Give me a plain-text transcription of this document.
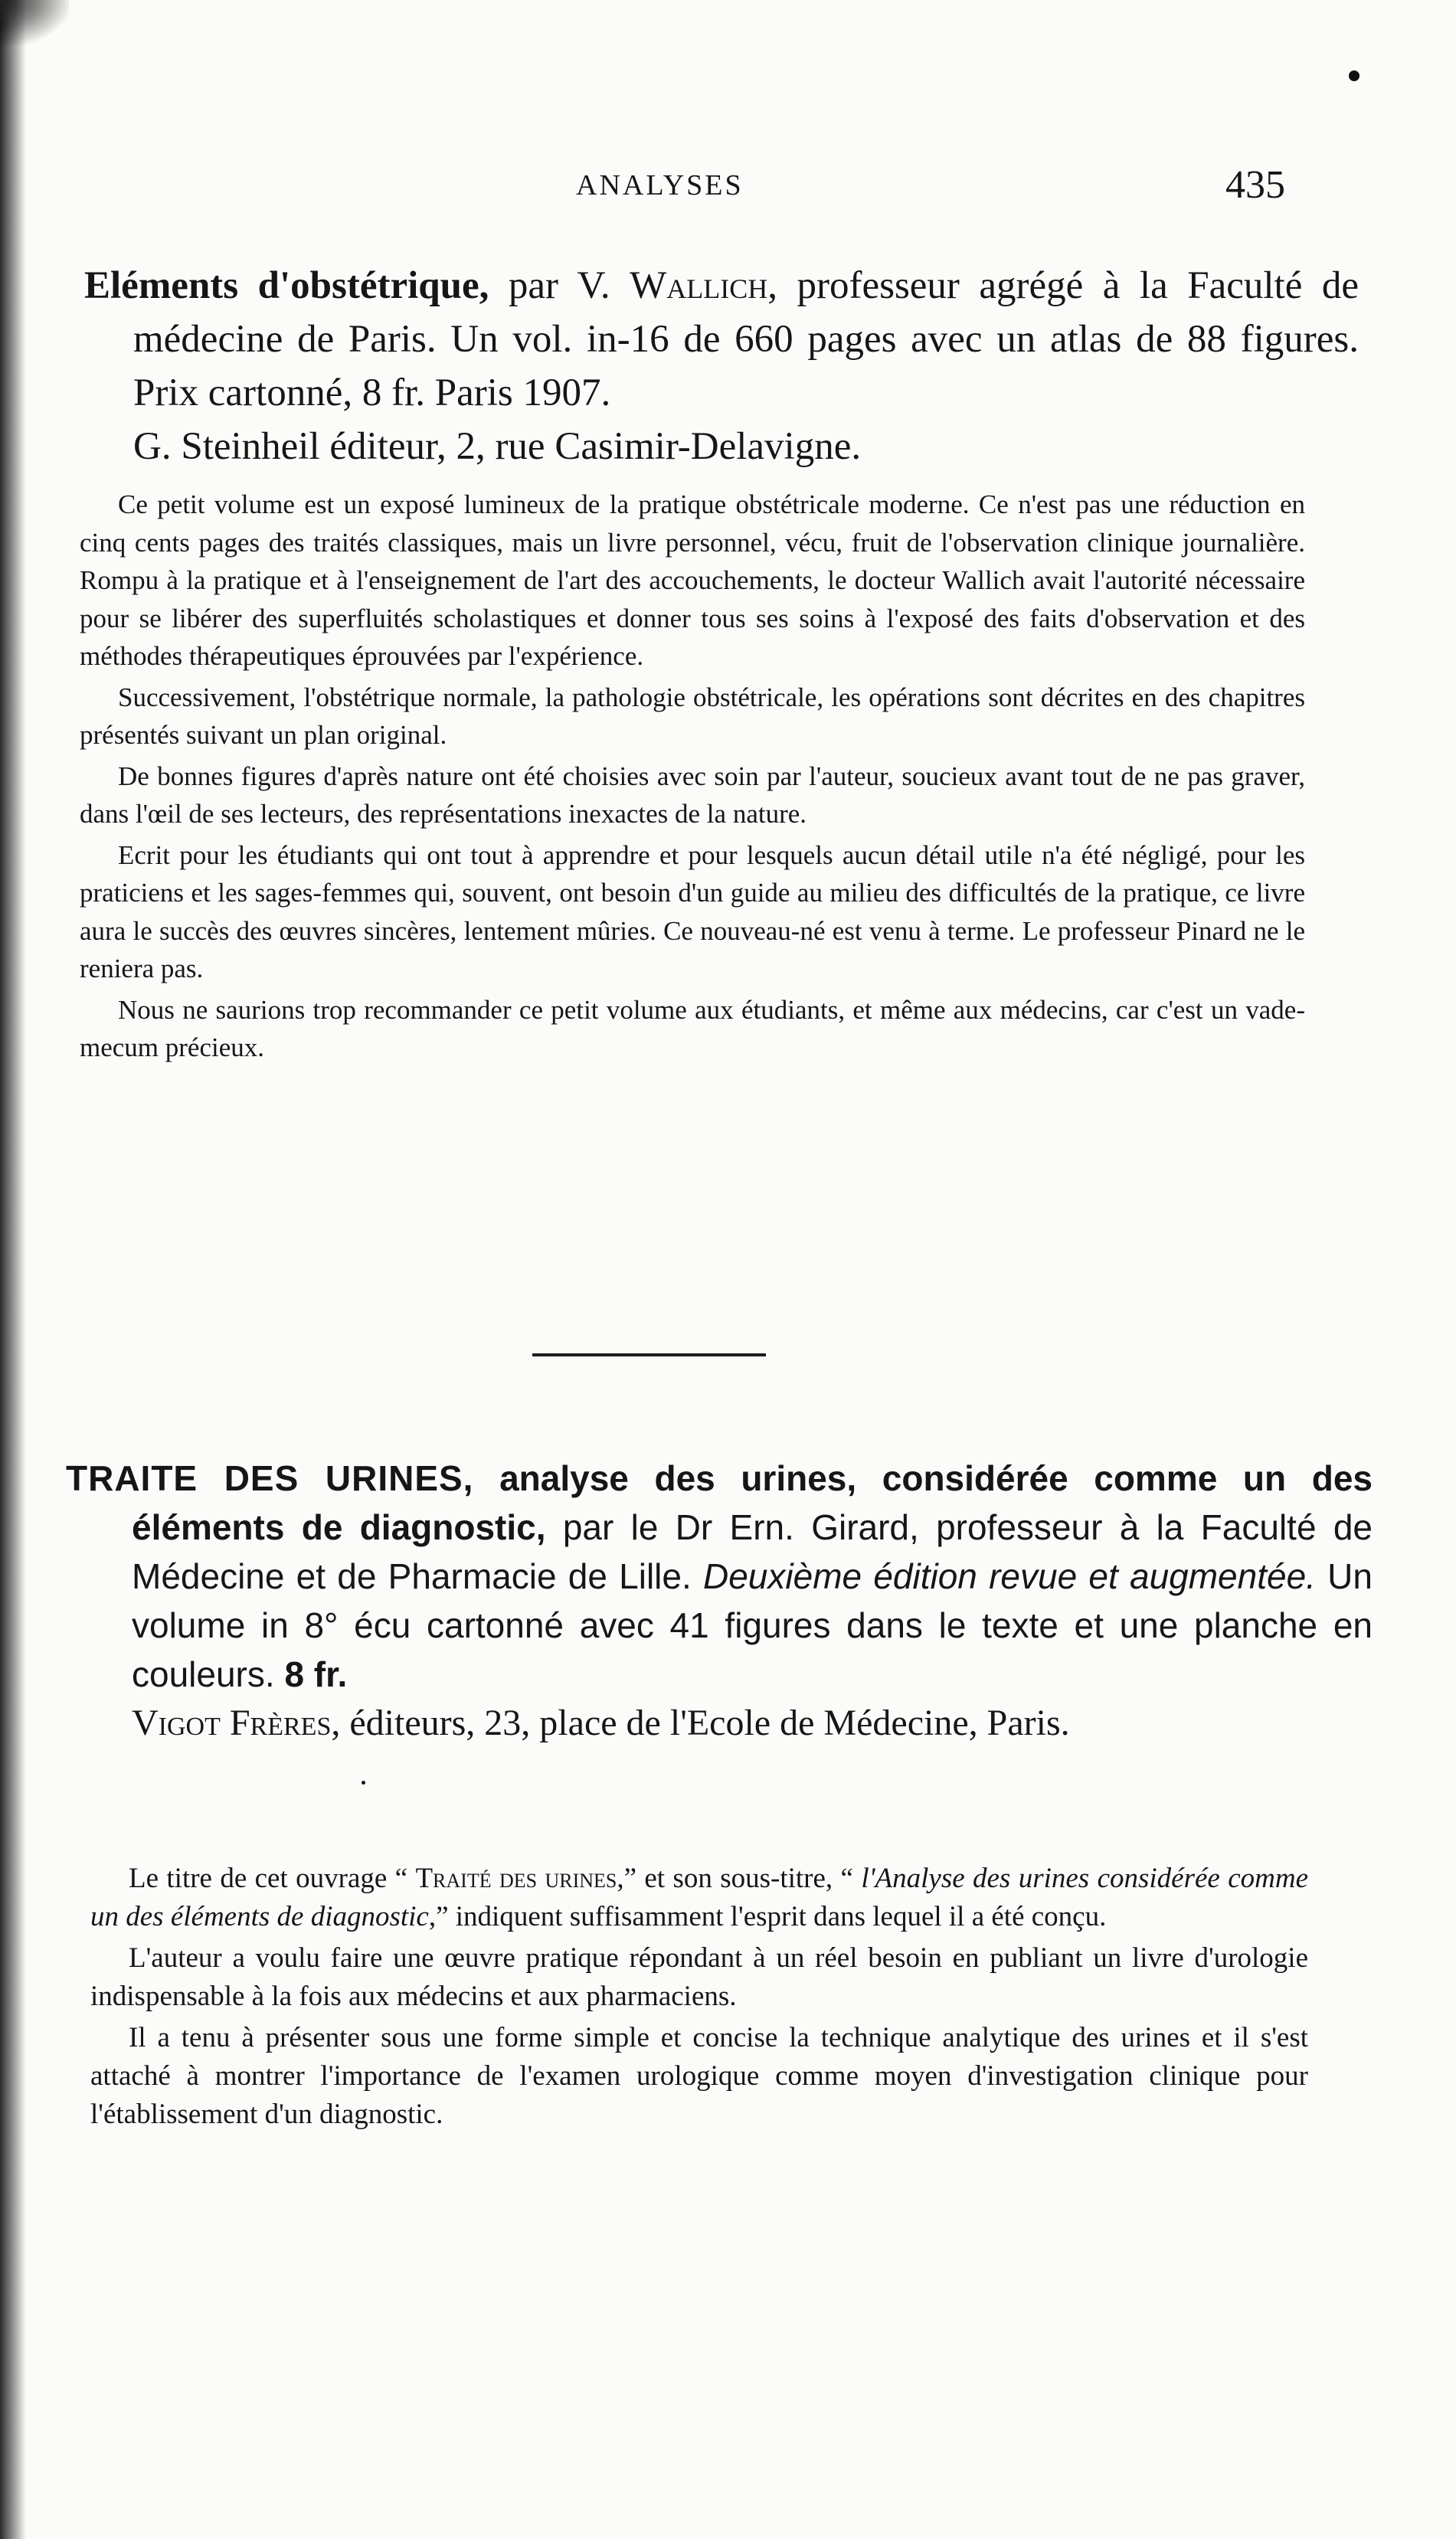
ANALYSES	435
Eléments d'obstétrique, par V. Wallich, professeur agrégé à la Faculté de médecine de Paris. Un vol. in-16 de 660 pages avec un atlas de 88 figures. Prix cartonné, 8 fr. Paris 1907.
G. Steinheil éditeur, 2, rue Casimir-Delavigne.

Ce petit volume est un exposé lumineux de la pratique obstétricale moderne. Ce n'est pas une réduction en cinq cents pages des traités classiques, mais un livre personnel, vécu, fruit de l'observation clinique journalière. Rompu à la pratique et à l'enseignement de l'art des accouchements, le docteur Wallich avait l'autorité nécessaire pour se libérer des superfluités scholastiques et donner tous ses soins à l'exposé des faits d'observation et des méthodes thérapeutiques éprouvées par l'expérience.

Successivement, l'obstétrique normale, la pathologie obstétricale, les opérations sont décrites en des chapitres présentés suivant un plan original.

De bonnes figures d'après nature ont été choisies avec soin par l'auteur, soucieux avant tout de ne pas graver, dans l'œil de ses lecteurs, des représentations inexactes de la nature.

Ecrit pour les étudiants qui ont tout à apprendre et pour lesquels aucun détail utile n'a été négligé, pour les praticiens et les sages-femmes qui, souvent, ont besoin d'un guide au milieu des difficultés de la pratique, ce livre aura le succès des œuvres sincères, lentement mûries. Ce nouveau-né est venu à terme. Le professeur Pinard ne le reniera pas.

Nous ne saurions trop recommander ce petit volume aux étudiants, et même aux médecins, car c'est un vade-mecum précieux.

TRAITE DES URINES, analyse des urines, considérée comme un des éléments de diagnostic, par le Dr Ern. Girard, professeur à la Faculté de Médecine et de Pharmacie de Lille. Deuxième édition revue et augmentée. Un volume in 8° écu cartonné avec 41 figures dans le texte et une planche en couleurs. 8 fr.
Vigot Frères, éditeurs, 23, place de l'Ecole de Médecine, Paris.

Le titre de cet ouvrage “ Traité des urines,” et son sous-titre, “ l'Analyse des urines considérée comme un des éléments de diagnostic,” indiquent suffisamment l'esprit dans lequel il a été conçu.

L'auteur a voulu faire une œuvre pratique répondant à un réel besoin en publiant un livre d'urologie indispensable à la fois aux médecins et aux pharmaciens.

Il a tenu à présenter sous une forme simple et concise la technique analytique des urines et il s'est attaché à montrer l'importance de l'examen urologique comme moyen d'investigation clinique pour l'établissement d'un diagnostic.
